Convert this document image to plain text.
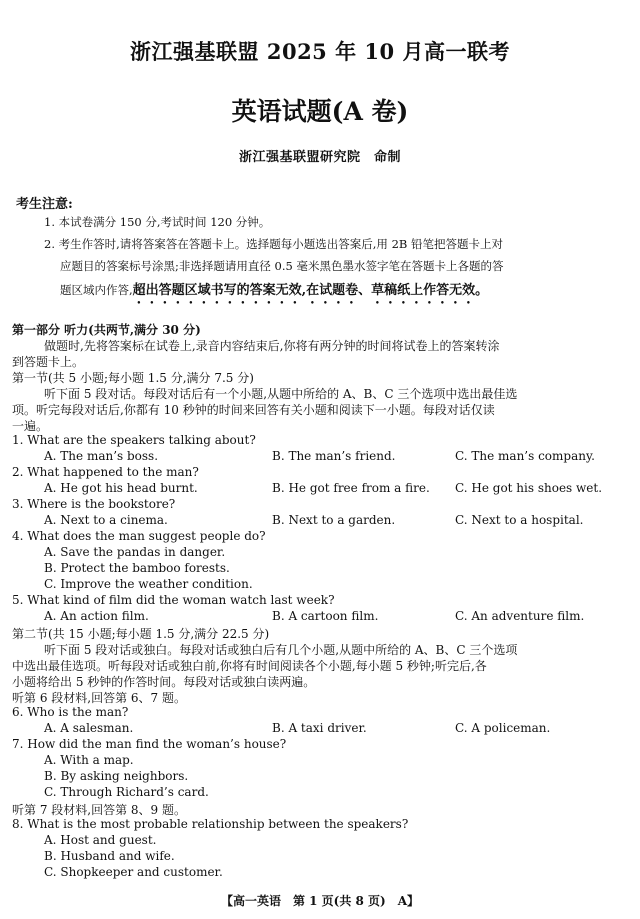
浙江强基联盟 2025 年 10 月高一联考
英语试题(A 卷)
浙江强基联盟研究院　命制
考生注意:
1. 本试卷满分 150 分,考试时间 120 分钟。
2. 考生作答时,请将答案答在答题卡上。选择题每小题选出答案后,用 2B 铅笔把答题卡上对
应题目的答案标号涂黑;非选择题请用直径 0.5 毫米黑色墨水签字笔在答题卡上各题的答
题区域内作答,超出答题区域书写的答案无效,在试题卷、草稿纸上作答无效。
第一部分 听力(共两节,满分 30 分)
做题时,先将答案标在试卷上,录音内容结束后,你将有两分钟的时间将试卷上的答案转涂
到答题卡上。
第一节(共 5 小题;每小题 1.5 分,满分 7.5 分)
听下面 5 段对话。每段对话后有一个小题,从题中所给的 A、B、C 三个选项中选出最佳选
项。听完每段对话后,你都有 10 秒钟的时间来回答有关小题和阅读下一小题。每段对话仅读
一遍。
1. What are the speakers talking about?
A. The man’s boss.	B. The man’s friend.	C. The man’s company.
2. What happened to the man?
A. He got his head burnt.	B. He got free from a fire. C. He got his shoes wet.
3. Where is the bookstore?
A. Next to a cinema.	B. Next to a garden.	C. Next to a hospital.
4. What does the man suggest people do?
A. Save the pandas in danger.
B. Protect the bamboo forests.
C. Improve the weather condition.
5. What kind of film did the woman watch last week?
A. An action film.	B. A cartoon film.	C. An adventure film.
第二节(共 15 小题;每小题 1.5 分,满分 22.5 分)
听下面 5 段对话或独白。每段对话或独白后有几个小题,从题中所给的 A、B、C 三个选项
中选出最佳选项。听每段对话或独白前,你将有时间阅读各个小题,每小题 5 秒钟;听完后,各
小题将给出 5 秒钟的作答时间。每段对话或独白读两遍。
听第 6 段材料,回答第 6、7 题。
6. Who is the man?
A. A salesman.	B. A taxi driver.	C. A policeman.
7. How did the man find the woman’s house?
A. With a map.
B. By asking neighbors.
C. Through Richard’s card.
听第 7 段材料,回答第 8、9 题。
8. What is the most probable relationship between the speakers?
A. Host and guest.
B. Husband and wife.
C. Shopkeeper and customer.
【高一英语　第 1 页(共 8 页)　A】
